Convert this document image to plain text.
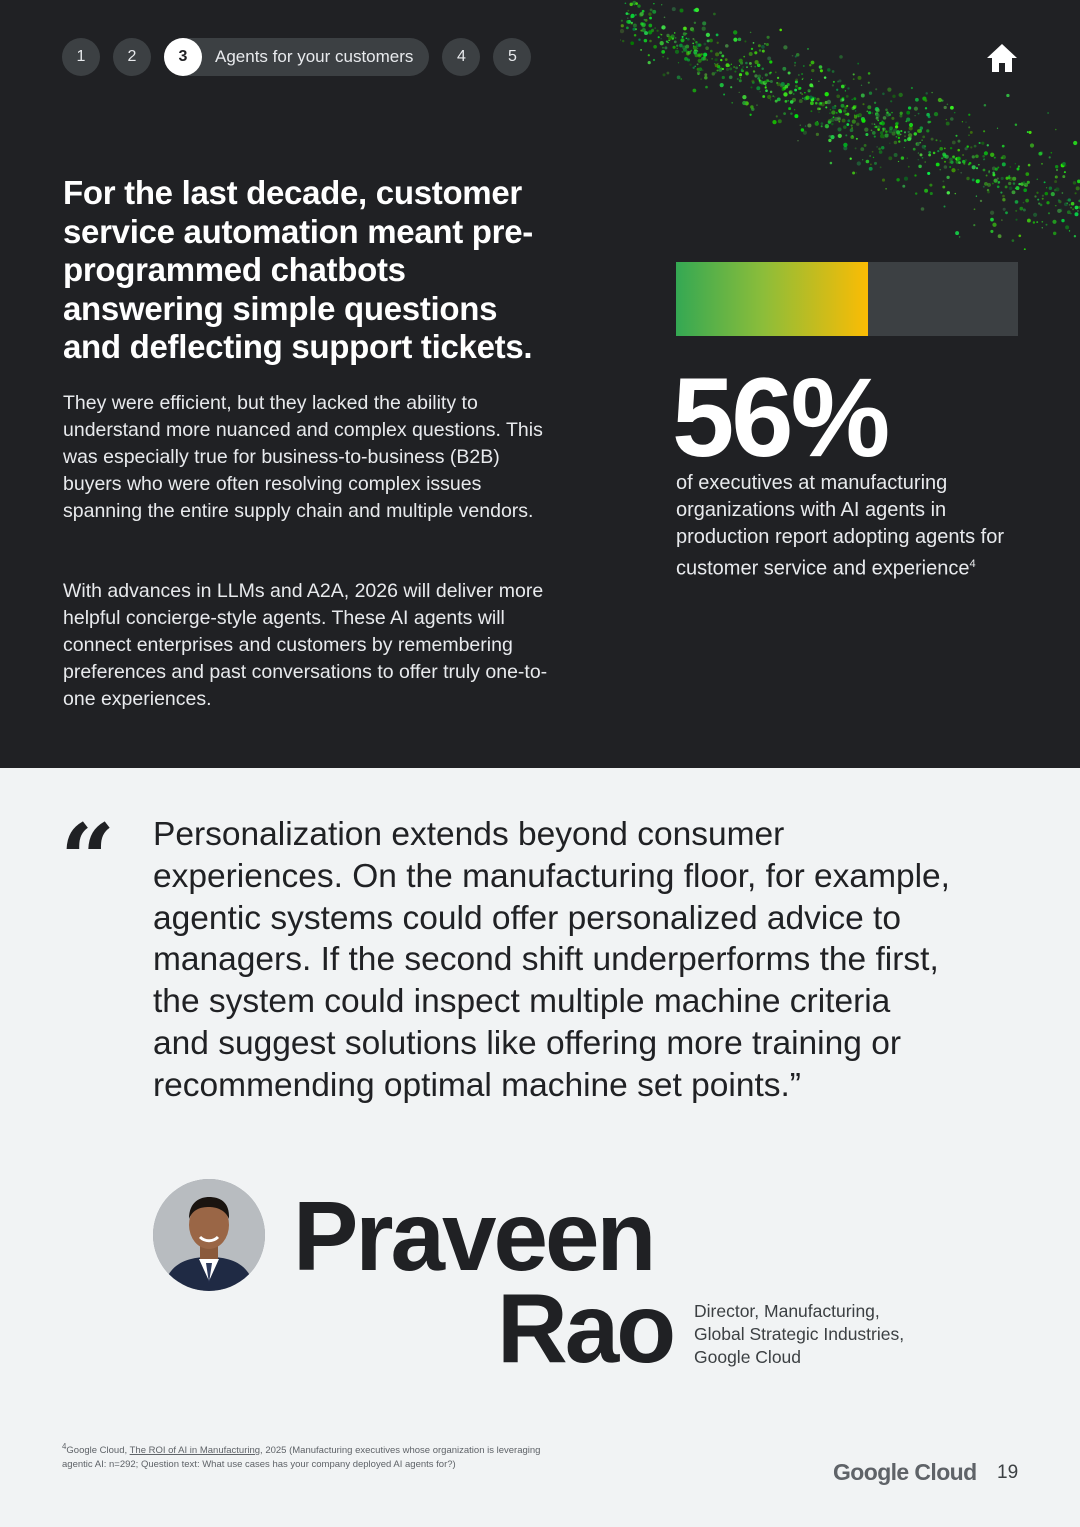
1	2	3	Agents for your customers	4	5
For the last decade, customer service automation meant pre-programmed chatbots answering simple questions and deflecting support tickets.

They were efficient, but they lacked the ability to understand more nuanced and complex questions. This was especially true for business-to-business (B2B) buyers who were often resolving complex issues spanning the entire supply chain and multiple vendors.

With advances in LLMs and A2A, 2026 will deliver more helpful concierge-style agents. These AI agents will connect enterprises and customers by remembering preferences and past conversations to offer truly one-to-one experiences.

56%

of executives at manufacturing organizations with AI agents in production report adopting agents for customer service and experience$^4$

“ Personalization extends beyond consumer experiences. On the manufacturing floor, for example, agentic systems could offer personalized advice to managers. If the second shift underperforms the first, the system could inspect multiple machine criteria and suggest solutions like offering more training or recommending optimal machine set points.”

Praveen
Rao Director, Manufacturing,
Global Strategic Industries,
Google Cloud

$^4$Google Cloud, The ROI of AI in Manufacturing, 2025 (Manufacturing executives whose organization is leveraging agentic AI: n=292; Question text: What use cases has your company deployed AI agents for?)	Google Cloud 19
